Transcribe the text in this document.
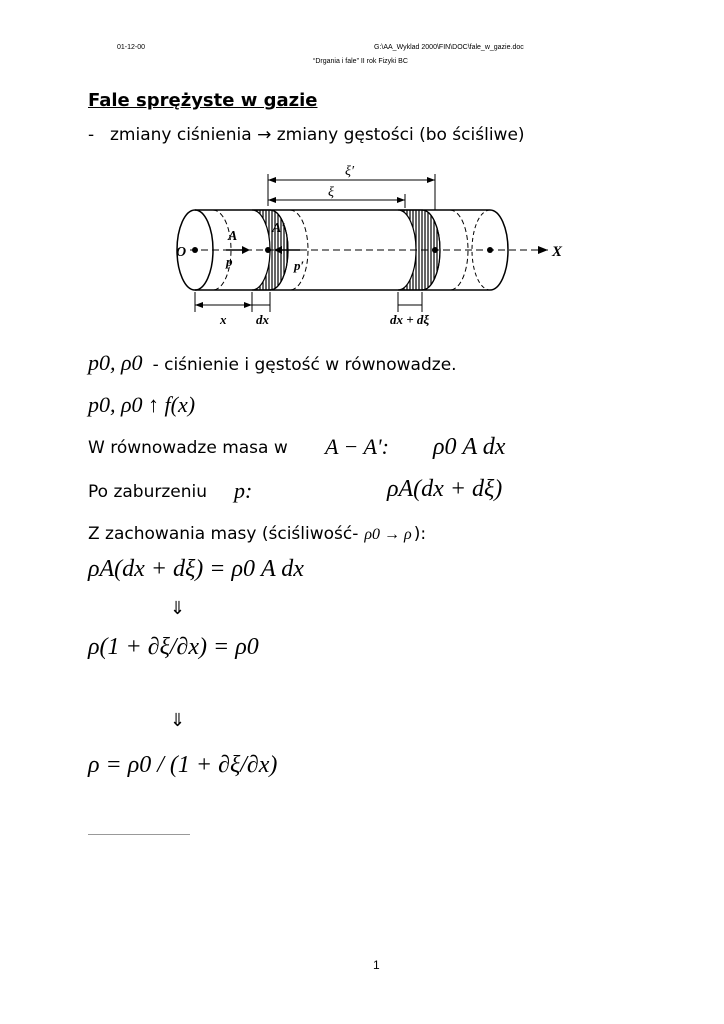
01-12-00	G:\AA_Wyklad 2000\FIN\DOC\fale_w_gazie.doc
“Drgania i fale” II rok Fizyki BC
Fale sprężyste w gazie
- zmiany ciśnienia → zmiany gęstości (bo ściśliwe)
ξ′
ξ
A
A′
O
p	p′
X
x dx	dx + dξ
p0, ρ0 - ciśnienie i gęstość w równowadze.
p0, ρ0 ↑ f(x)
W równowadze masa w A − A': ρ0 A dx
Po zaburzeniu p:	ρA(dx + dξ)
Z zachowania masy (ściśliwość- ρ0 → ρ ):
ρA(dx + dξ) = ρ0 A dx
⇓
ρ(1 + ∂ξ/∂x) = ρ0
⇓
ρ = ρ0 / (1 + ∂ξ/∂x)
1
